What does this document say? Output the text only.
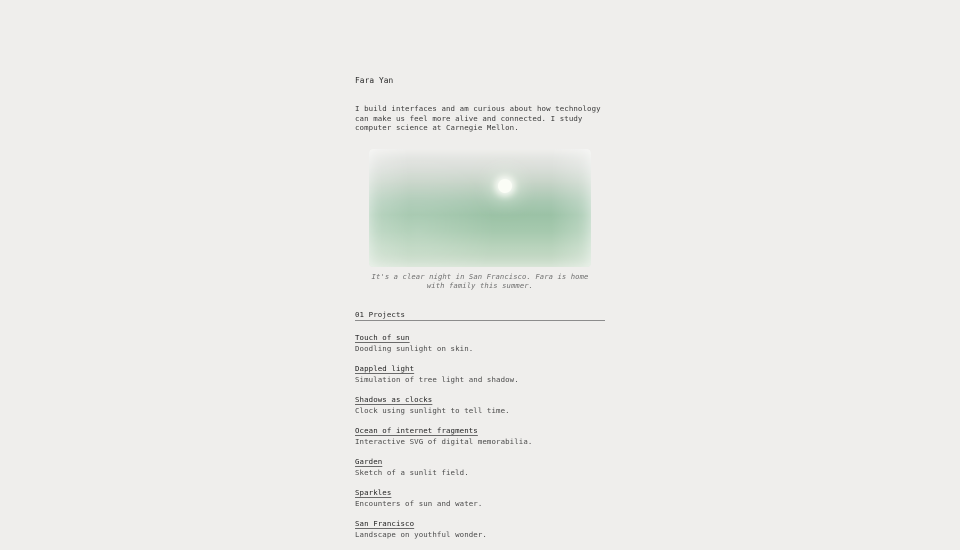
Fara Yan

I build interfaces and am curious about how technology can make us feel more alive and connected. I study computer science at Carnegie Mellon.

It's a clear night in San Francisco. Fara is home with family this summer.
01 Projects
Touch of sun
Doodling sunlight on skin.
Dappled light
Simulation of tree light and shadow.
Shadows as clocks
Clock using sunlight to tell time.
Ocean of internet fragments
Interactive SVG of digital memorabilia.
Garden
Sketch of a sunlit field.
Sparkles
Encounters of sun and water.
San Francisco
Landscape on youthful wonder.
